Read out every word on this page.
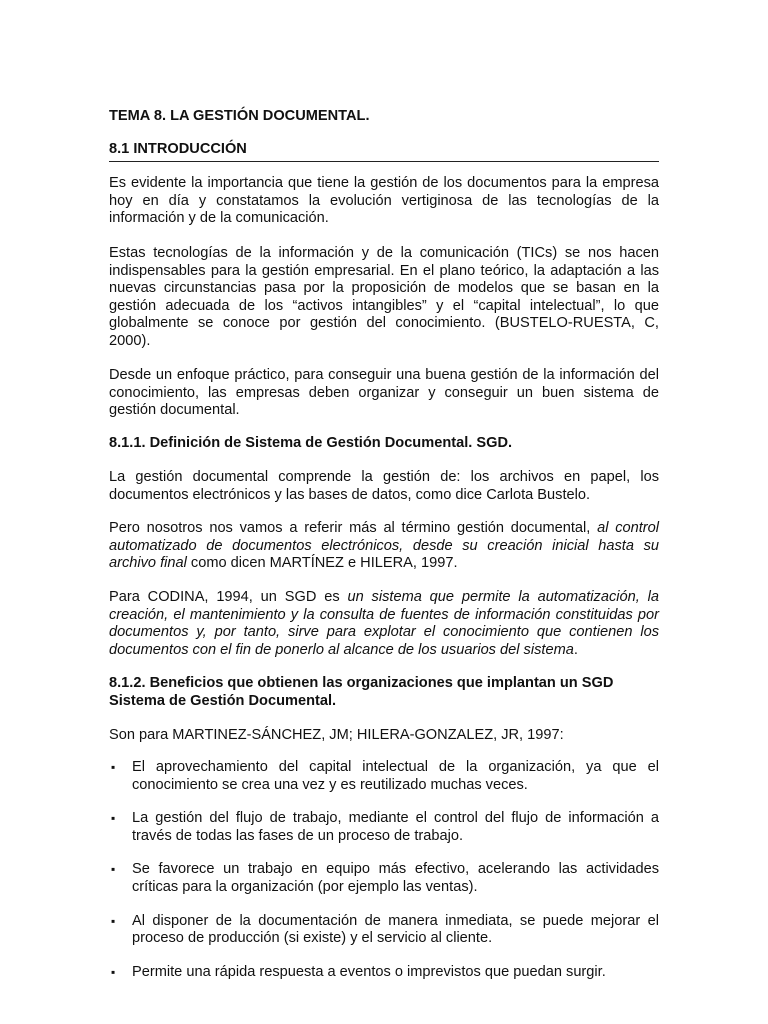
TEMA 8. LA GESTIÓN DOCUMENTAL.
8.1 INTRODUCCIÓN

Es evidente la importancia que tiene la gestión de los documentos para la empresa hoy en día y constatamos la evolución vertiginosa de las tecnologías de la información y de la comunicación.

Estas tecnologías de la información y de la comunicación (TICs) se nos hacen indispensables para la gestión empresarial. En el plano teórico, la adaptación a las nuevas circunstancias pasa por la proposición de modelos que se basan en la gestión adecuada de los “activos intangibles” y el “capital intelectual”, lo que globalmente se conoce por gestión del conocimiento. (BUSTELO-RUESTA, C, 2000).

Desde un enfoque práctico, para conseguir una buena gestión de la información del conocimiento, las empresas deben organizar y conseguir un buen sistema de gestión documental.

8.1.1. Definición de Sistema de Gestión Documental. SGD.

La gestión documental comprende la gestión de: los archivos en papel, los documentos electrónicos y las bases de datos, como dice Carlota Bustelo.

Pero nosotros nos vamos a referir más al término gestión documental, al control automatizado de documentos electrónicos, desde su creación inicial hasta su archivo final como dicen MARTÍNEZ e HILERA, 1997.

Para CODINA, 1994, un SGD es un sistema que permite la automatización, la creación, el mantenimiento y la consulta de fuentes de información constituidas por documentos y, por tanto, sirve para explotar el conocimiento que contienen los documentos con el fin de ponerlo al alcance de los usuarios del sistema.

8.1.2. Beneficios que obtienen las organizaciones que implantan un SGD Sistema de Gestión Documental.

Son para MARTINEZ-SÁNCHEZ, JM; HILERA-GONZALEZ, JR, 1997:

▪ El aprovechamiento del capital intelectual de la organización, ya que el conocimiento se crea una vez y es reutilizado muchas veces.
▪ La gestión del flujo de trabajo, mediante el control del flujo de información a través de todas las fases de un proceso de trabajo.
▪ Se favorece un trabajo en equipo más efectivo, acelerando las actividades críticas para la organización (por ejemplo las ventas).
▪ Al disponer de la documentación de manera inmediata, se puede mejorar el proceso de producción (si existe) y el servicio al cliente.
▪ Permite una rápida respuesta a eventos o imprevistos que puedan surgir.
